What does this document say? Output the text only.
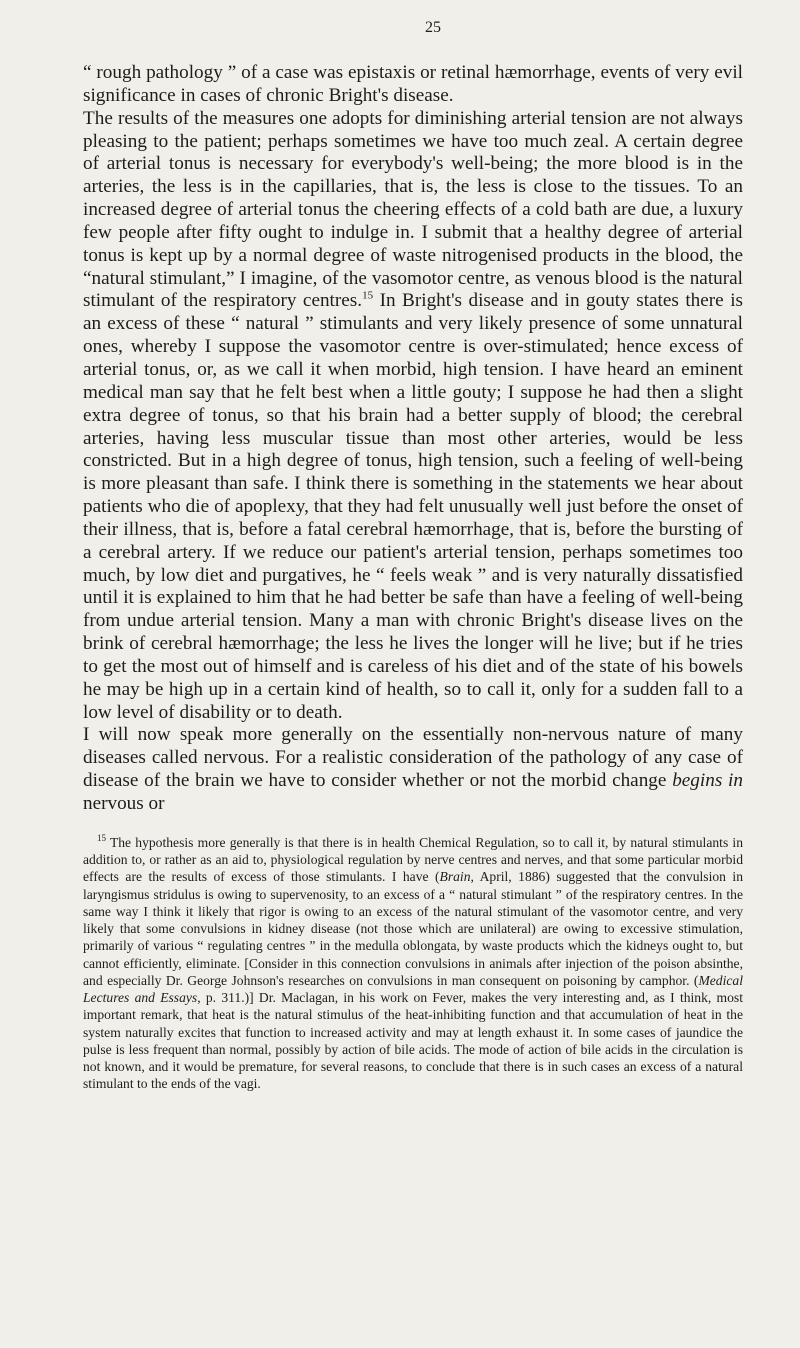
25

“ rough pathology ” of a case was epistaxis or retinal hæmorrhage, events of very evil significance in cases of chronic Bright's disease.

The results of the measures one adopts for diminishing arterial tension are not always pleasing to the patient; perhaps sometimes we have too much zeal. A certain degree of arterial tonus is necessary for everybody's well-being; the more blood is in the arteries, the less is in the capillaries, that is, the less is close to the tissues. To an increased degree of arterial tonus the cheering effects of a cold bath are due, a luxury few people after fifty ought to indulge in. I submit that a healthy degree of arterial tonus is kept up by a normal degree of waste nitrogenised products in the blood, the “natural stimulant,” I imagine, of the vasomotor centre, as venous blood is the natural stimulant of the respiratory centres.$^{15}$ In Bright's disease and in gouty states there is an excess of these “ natural ” stimulants and very likely presence of some unnatural ones, whereby I suppose the vasomotor centre is over-stimulated; hence excess of arterial tonus, or, as we call it when morbid, high tension. I have heard an eminent medical man say that he felt best when a little gouty; I suppose he had then a slight extra degree of tonus, so that his brain had a better supply of blood; the cerebral arteries, having less muscular tissue than most other arteries, would be less constricted. But in a high degree of tonus, high tension, such a feeling of well-being is more pleasant than safe. I think there is something in the statements we hear about patients who die of apoplexy, that they had felt unusually well just before the onset of their illness, that is, before a fatal cerebral hæmorrhage, that is, before the bursting of a cerebral artery. If we reduce our patient's arterial tension, perhaps sometimes too much, by low diet and purgatives, he “ feels weak ” and is very naturally dissatisfied until it is explained to him that he had better be safe than have a feeling of well-being from undue arterial tension. Many a man with chronic Bright's disease lives on the brink of cerebral hæmorrhage; the less he lives the longer will he live; but if he tries to get the most out of himself and is careless of his diet and of the state of his bowels he may be high up in a certain kind of health, so to call it, only for a sudden fall to a low level of disability or to death.

I will now speak more generally on the essentially non-nervous nature of many diseases called nervous. For a realistic consideration of the pathology of any case of disease of the brain we have to consider whether or not the morbid change begins in nervous or

$^{15}$ The hypothesis more generally is that there is in health Chemical Regulation, so to call it, by natural stimulants in addition to, or rather as an aid to, physiological regulation by nerve centres and nerves, and that some particular morbid effects are the results of excess of those stimulants. I have (Brain, April, 1886) suggested that the convulsion in laryngismus stridulus is owing to supervenosity, to an excess of a “ natural stimulant ” of the respiratory centres. In the same way I think it likely that rigor is owing to an excess of the natural stimulant of the vasomotor centre, and very likely that some convulsions in kidney disease (not those which are unilateral) are owing to excessive stimulation, primarily of various “ regulating centres ” in the medulla oblongata, by waste products which the kidneys ought to, but cannot efficiently, eliminate. [Consider in this connection convulsions in animals after injection of the poison absinthe, and especially Dr. George Johnson's researches on convulsions in man consequent on poisoning by camphor. (Medical Lectures and Essays, p. 311.)] Dr. Maclagan, in his work on Fever, makes the very interesting and, as I think, most important remark, that heat is the natural stimulus of the heat-inhibiting function and that accumulation of heat in the system naturally excites that function to increased activity and may at length exhaust it. In some cases of jaundice the pulse is less frequent than normal, possibly by action of bile acids. The mode of action of bile acids in the circulation is not known, and it would be premature, for several reasons, to conclude that there is in such cases an excess of a natural stimulant to the ends of the vagi.
